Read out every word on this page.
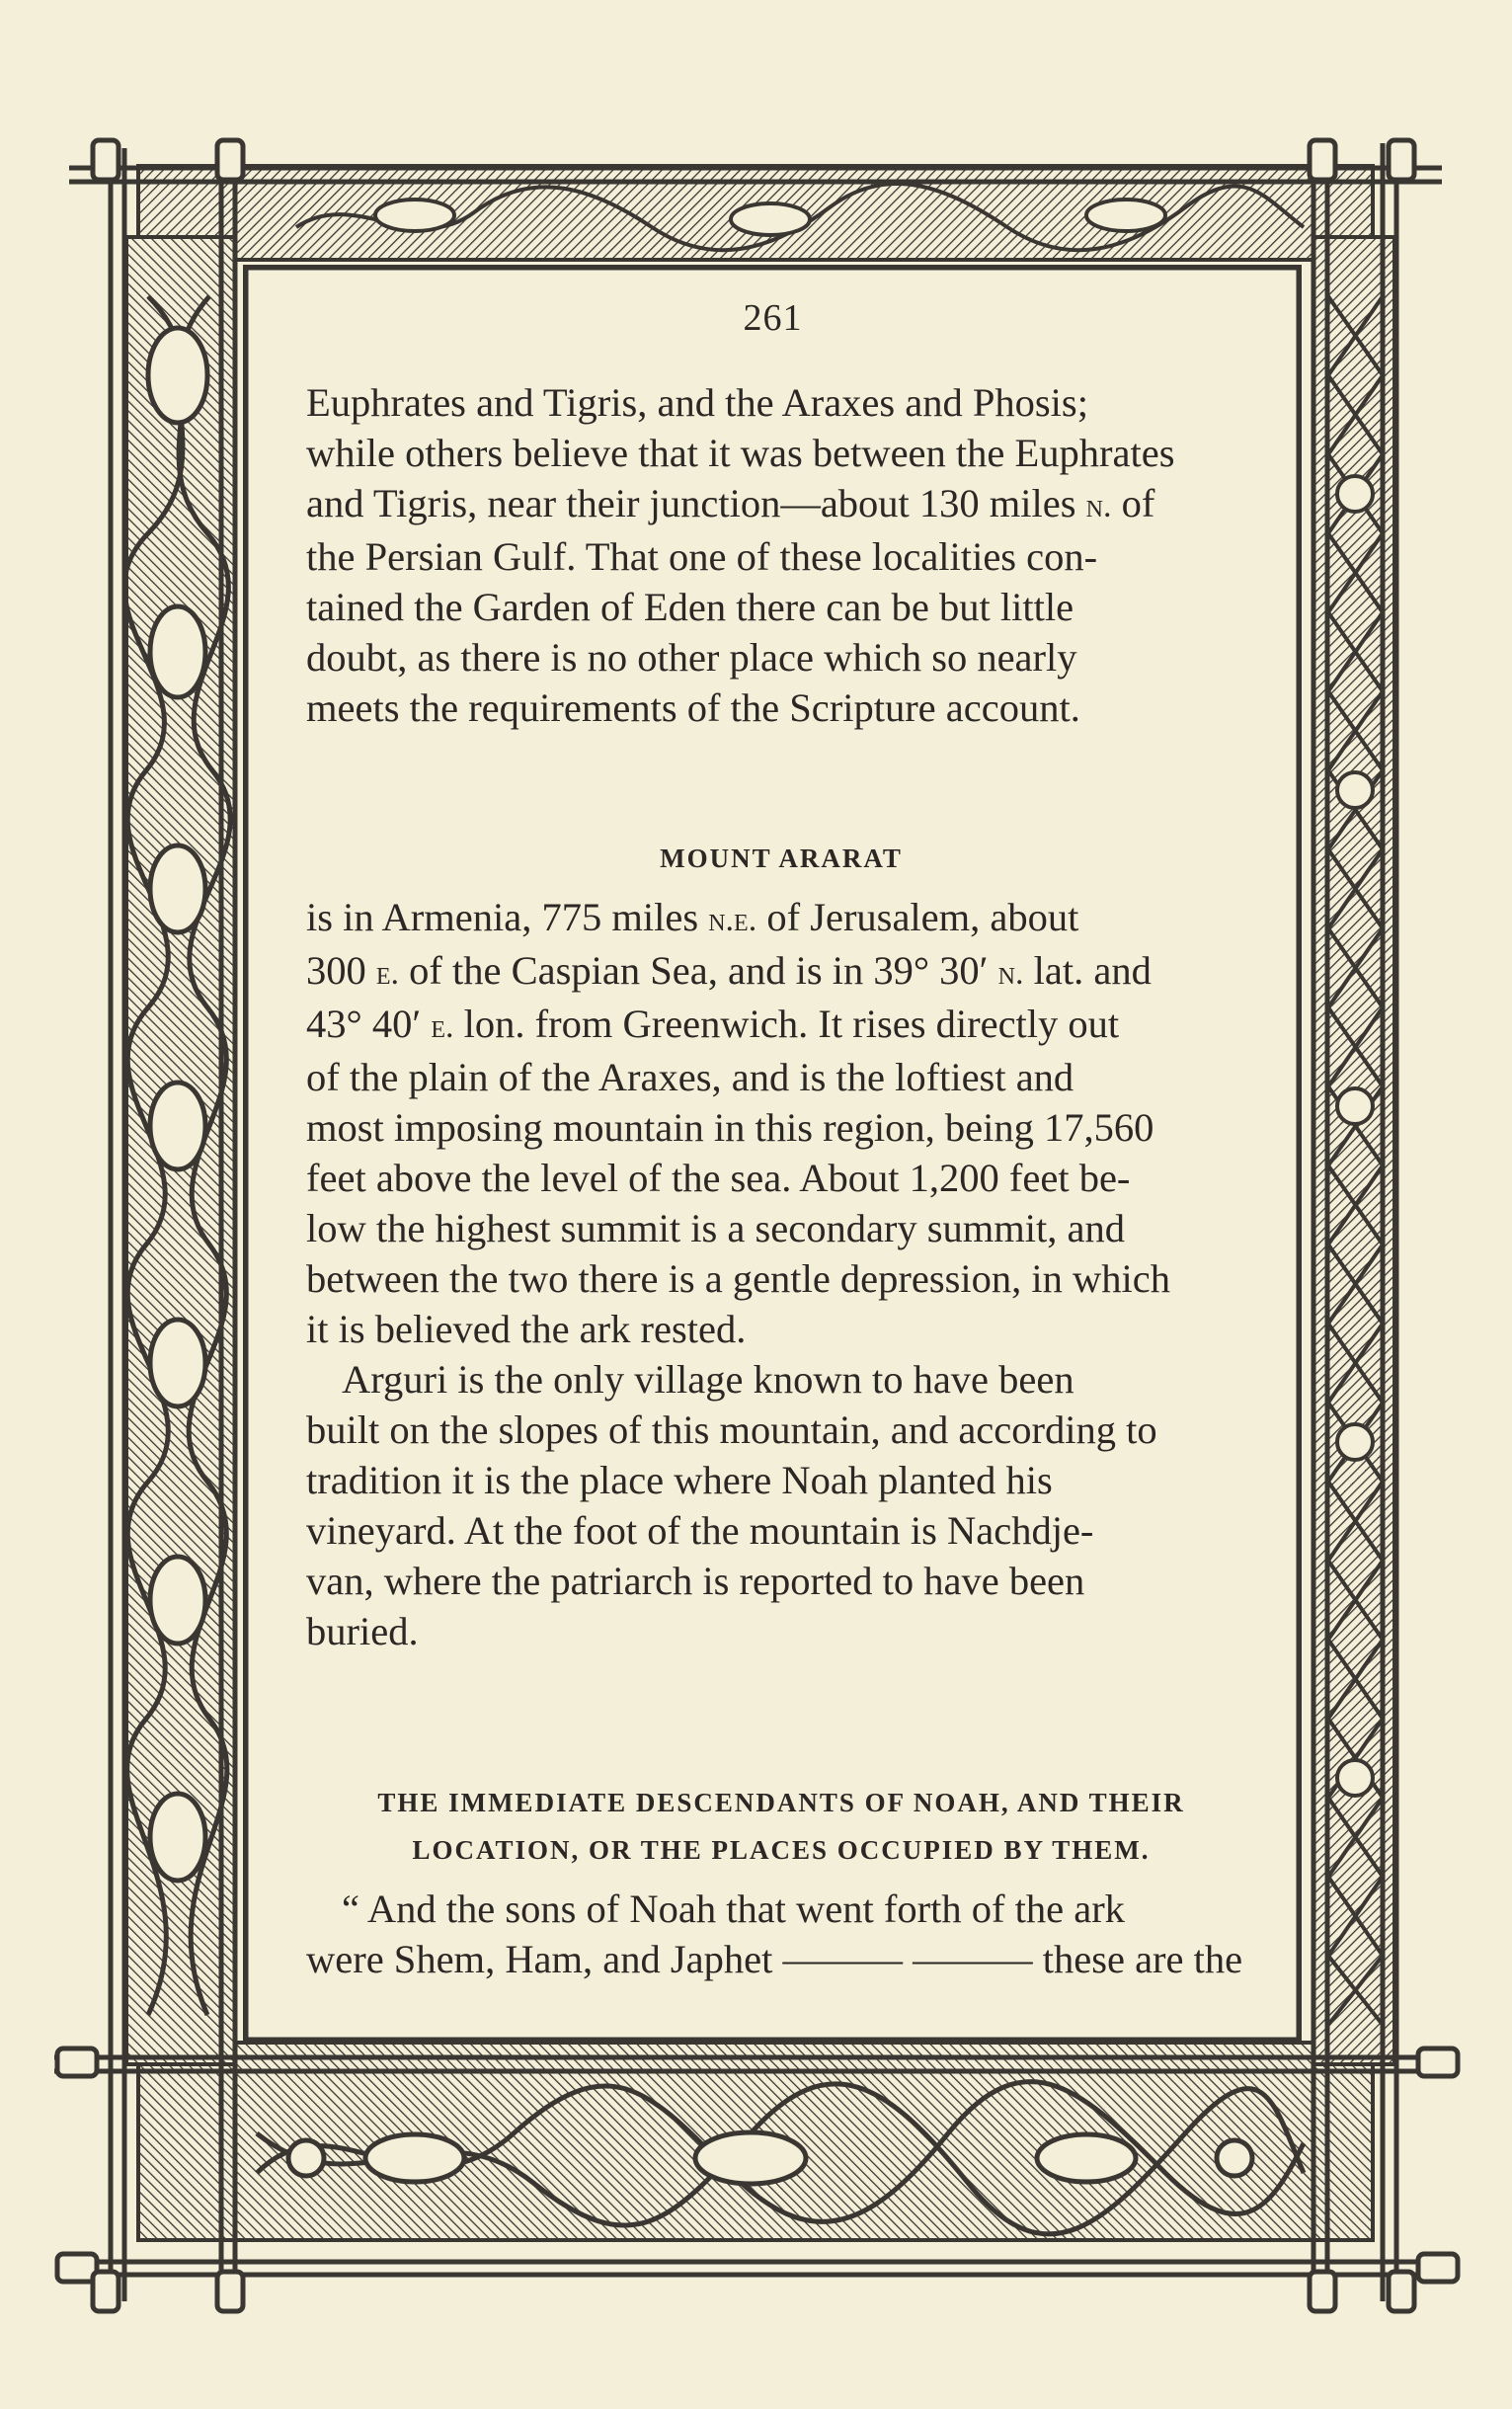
261

Euphrates and Tigris, and the Araxes and Phosis;
while others believe that it was between the Euphrates
and Tigris, near their junction—about 130 miles n. of
the Persian Gulf. That one of these localities con-
tained the Garden of Eden there can be but little
doubt, as there is no other place which so nearly
meets the requirements of the Scripture account.

MOUNT ARARAT

is in Armenia, 775 miles n.e. of Jerusalem, about
300 e. of the Caspian Sea, and is in 39° 30′ n. lat. and
43° 40′ e. lon. from Greenwich. It rises directly out
of the plain of the Araxes, and is the loftiest and
most imposing mountain in this region, being 17,560
feet above the level of the sea. About 1,200 feet be-
low the highest summit is a secondary summit, and
between the two there is a gentle depression, in which
it is believed the ark rested.

Arguri is the only village known to have been
built on the slopes of this mountain, and according to
tradition it is the place where Noah planted his
vineyard. At the foot of the mountain is Nachdje-
van, where the patriarch is reported to have been
buried.

THE IMMEDIATE DESCENDANTS OF NOAH, AND THEIR

LOCATION, OR THE PLACES OCCUPIED BY THEM.

“ And the sons of Noah that went forth of the ark
were Shem, Ham, and Japhet ——— ——— these are the
